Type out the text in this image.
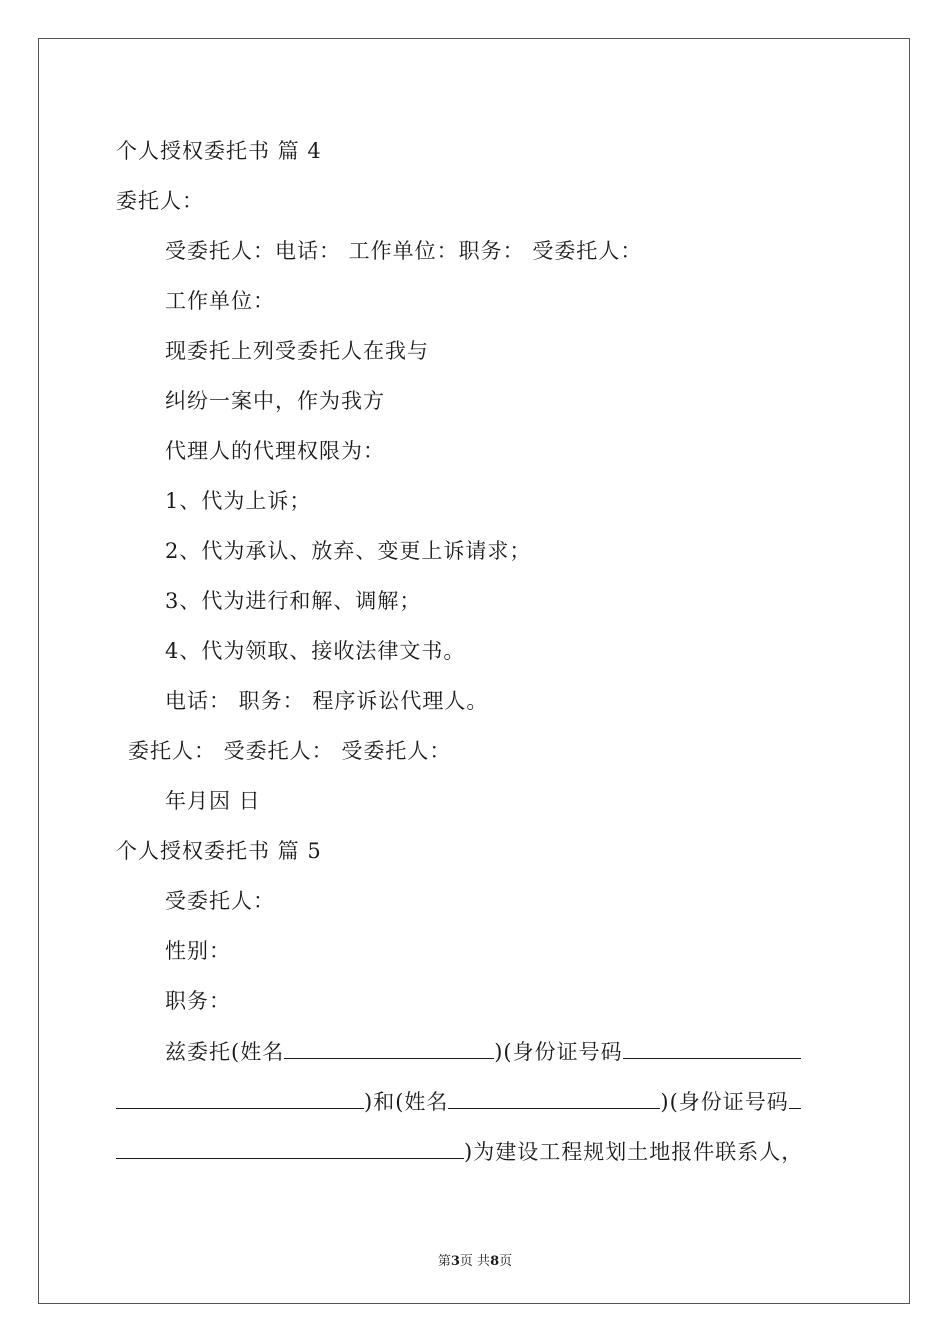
个人授权委托书 篇 4
委托人：
受委托人：电话： 工作单位：职务： 受委托人：
工作单位：
现委托上列受委托人在我与
纠纷一案中，作为我方
代理人的代理权限为：
1、代为上诉；
2、代为承认、放弃、变更上诉请求；
3、代为进行和解、调解；
4、代为领取、接收法律文书。
电话： 职务： 程序诉讼代理人。
委托人： 受委托人： 受委托人：
年月因 日
个人授权委托书 篇 5
受委托人：
性别：
职务：
兹委托(姓名	)(身份证号码
)和(姓名	)(身份证号码
)为建设工程规划土地报件联系人，
第3页 共8页
